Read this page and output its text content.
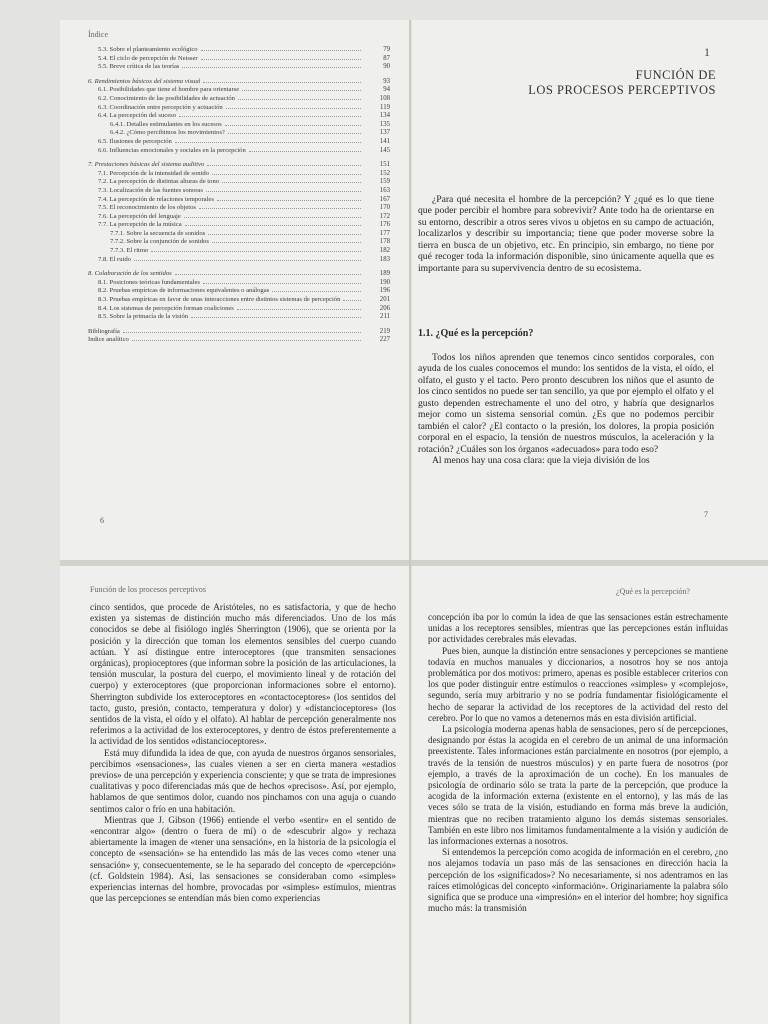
Índice
5.3. Sobre el planteamiento ecológico	79
5.4. El ciclo de percepción de Neisser	87
5.5. Breve crítica de las teorías	90
6. Rendimientos básicos del sistema visual	93
6.1. Posibilidades que tiene el hombre para orientarse	94
6.2. Conocimiento de las posibilidades de actuación	108
6.3. Coordinación entre percepción y actuación	119
6.4. La percepción del suceso	134
6.4.1. Detalles estimulantes en los sucesos	135
6.4.2. ¿Cómo percibimos los movimientos?	137
6.5. Ilusiones de percepción	141
6.6. Influencias emocionales y sociales en la percepción	145
7. Prestaciones básicas del sistema auditivo	151
7.1. Percepción de la intensidad de sonido	152
7.2. La percepción de distintas alturas de tono	159
7.3. Localización de las fuentes sonoras	163
7.4. La percepción de relaciones temporales	167
7.5. El reconocimiento de los objetos	170
7.6. La percepción del lenguaje	172
7.7. La percepción de la música	176
7.7.1. Sobre la secuencia de sonidos	177
7.7.2. Sobre la conjunción de sonidos	178
7.7.3. El ritmo	182
7.8. El ruido	183
8. Colaboración de los sentidos	189
8.1. Posiciones teóricas fundamentales	190
8.2. Pruebas empíricas de informaciones equivalentes o análogas	196
8.3. Pruebas empíricas en favor de unas interacciones entre distintos sistemas de percepción	201
8.4. Los sistemas de percepción forman coaliciones	206
8.5. Sobre la primacía de la visión	211
Bibliografía	219
Índice analítico	227
6
1
FUNCIÓN DE
LOS PROCESOS PERCEPTIVOS

¿Para qué necesita el hombre de la percepción? Y ¿qué es lo que tiene que poder percibir el hombre para sobrevivir? Ante todo ha de orientarse en su entorno, describir a otros seres vivos u objetos en su campo de actuación, localizarlos y describir su importancia; tiene que poder moverse sobre la tierra en busca de un objetivo, etc. En principio, sin embargo, no tiene por qué recoger toda la información disponible, sino únicamente aquella que es importante para su supervivencia dentro de su ecosistema.

1.1. ¿Qué es la percepción?

Todos los niños aprenden que tenemos cinco sentidos corporales, con ayuda de los cuales conocemos el mundo: los sentidos de la vista, el oído, el olfato, el gusto y el tacto. Pero pronto descubren los niños que el asunto de los cinco sentidos no puede ser tan sencillo, ya que por ejemplo el olfato y el gusto dependen estrechamente el uno del otro, y habría que designarlos mejor como un sistema sensorial común. ¿Es que no podemos percibir también el calor? ¿El contacto o la presión, los dolores, la propia posición corporal en el espacio, la tensión de nuestros músculos, la aceleración y la rotación? ¿Cuáles son los órganos «adecuados» para todo eso?

Al menos hay una cosa clara: que la vieja división de los

7
Función de los procesos perceptivos

cinco sentidos, que procede de Aristóteles, no es satisfactoria, y que de hecho existen ya sistemas de distinción mucho más diferenciados. Uno de los más conocidos se debe al fisiólogo inglés Sherrington (1906), que se orienta por la posición y la dirección que toman los elementos sensibles del cuerpo cuando actúan. Y así distingue entre interoceptores (que transmiten sensaciones orgánicas), propioceptores (que informan sobre la posición de las articulaciones, la tensión muscular, la postura del cuerpo, el movimiento lineal y de rotación del cuerpo) y exteroceptores (que proporcionan informaciones sobre el entorno). Sherrington subdivide los exteroceptores en «contactoceptores» (los sentidos del tacto, gusto, presión, contacto, temperatura y dolor) y «distancioceptores» (los sentidos de la vista, el oído y el olfato). Al hablar de percepción generalmente nos referimos a la actividad de los exteroceptores, y dentro de éstos preferentemente a la actividad de los sentidos «distancioceptores».

Está muy difundida la idea de que, con ayuda de nuestros órganos sensoriales, percibimos «sensaciones», las cuales vienen a ser en cierta manera «estadios previos» de una percepción y experiencia consciente; y que se trata de impresiones cualitativas y poco diferenciadas más que de hechos «precisos». Así, por ejemplo, hablamos de que sentimos dolor, cuando nos pinchamos con una aguja o cuando sentimos calor o frío en una habitación.

Mientras que J. Gibson (1966) entiende el verbo «sentir» en el sentido de «encontrar algo» (dentro o fuera de mí) o de «descubrir algo» y rechaza abiertamente la imagen de «tener una sensación», en la historia de la psicología el concepto de «sensación» se ha entendido las más de las veces como «tener una sensación» y, consecuentemente, se le ha separado del concepto de «percepción» (cf. Goldstein 1984). Así, las sensaciones se consideraban como «simples» experiencias internas del hombre, provocadas por «simples» estímulos, mientras que las percepciones se entendían más bien como experiencias

¿Qué es la percepción?

concepción iba por lo común la idea de que las sensaciones están estrechamente unidas a los receptores sensibles, mientras que las percepciones están influidas por actividades cerebrales más elevadas.

Pues bien, aunque la distinción entre sensaciones y percepciones se mantiene todavía en muchos manuales y diccionarios, a nosotros hoy se nos antoja problemática por dos motivos: primero, apenas es posible establecer criterios con los que poder distinguir entre estímulos o reacciones «simples» y «complejos», segundo, sería muy arbitrario y no se podría fundamentar fisiológicamente el hecho de separar la actividad de los receptores de la actividad del resto del cerebro. Por lo que no vamos a detenernos más en esta división artificial.

La psicología moderna apenas habla de sensaciones, pero sí de percepciones, designando por éstas la acogida en el cerebro de un animal de una información preexistente. Tales informaciones están parcialmente en nosotros (por ejemplo, a través de la tensión de nuestros músculos) y en parte fuera de nosotros (por ejemplo, a través de la aproximación de un coche). En los manuales de psicología de ordinario sólo se trata la parte de la percepción, que produce la acogida de la información externa (existente en el entorno), y las más de las veces sólo se trata de la visión, estudiando en forma más breve la audición, mientras que no reciben tratamiento alguno los demás sistemas sensoriales. También en este libro nos limitamos fundamentalmente a la visión y audición de las informaciones externas a nosotros.

Si entendemos la percepción como acogida de información en el cerebro, ¿no nos alejamos todavía un paso más de las sensaciones en dirección hacia la percepción de los «significados»? No necesariamente, si nos adentramos en las raíces etimológicas del concepto «información». Originariamente la palabra sólo significa que se produce una «impresión» en el interior del hombre; hoy significa mucho más: la transmisión
